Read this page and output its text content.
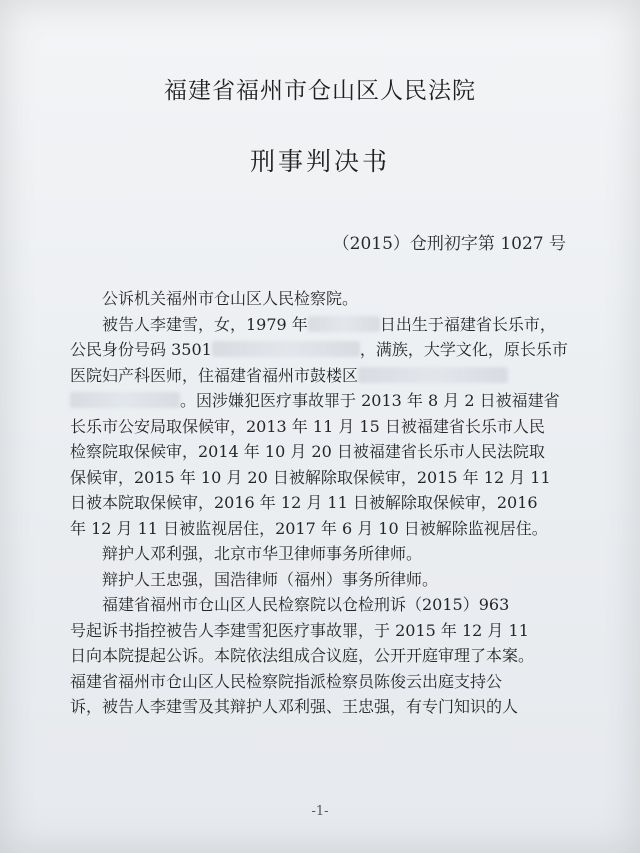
福建省福州市仓山区人民法院
刑事判决书
（2015）仓刑初字第 1027 号
公诉机关福州市仓山区人民检察院。
被告人李建雪，女，1979 年	日出生于福建省长乐市，
公民身份号码 3501	，满族，大学文化，原长乐市
医院妇产科医师，住福建省福州市鼓楼区
。因涉嫌犯医疗事故罪于 2013 年 8 月 2 日被福建省
长乐市公安局取保候审，2013 年 11 月 15 日被福建省长乐市人民
检察院取保候审，2014 年 10 月 20 日被福建省长乐市人民法院取
保候审，2015 年 10 月 20 日被解除取保候审，2015 年 12 月 11
日被本院取保候审，2016 年 12 月 11 日被解除取保候审，2016
年 12 月 11 日被监视居住，2017 年 6 月 10 日被解除监视居住。
辩护人邓利强，北京市华卫律师事务所律师。
辩护人王忠强，国浩律师（福州）事务所律师。
福建省福州市仓山区人民检察院以仓检刑诉（2015）963
号起诉书指控被告人李建雪犯医疗事故罪，于 2015 年 12 月 11
日向本院提起公诉。本院依法组成合议庭，公开开庭审理了本案。
福建省福州市仓山区人民检察院指派检察员陈俊云出庭支持公
诉，被告人李建雪及其辩护人邓利强、王忠强，有专门知识的人
-1-
